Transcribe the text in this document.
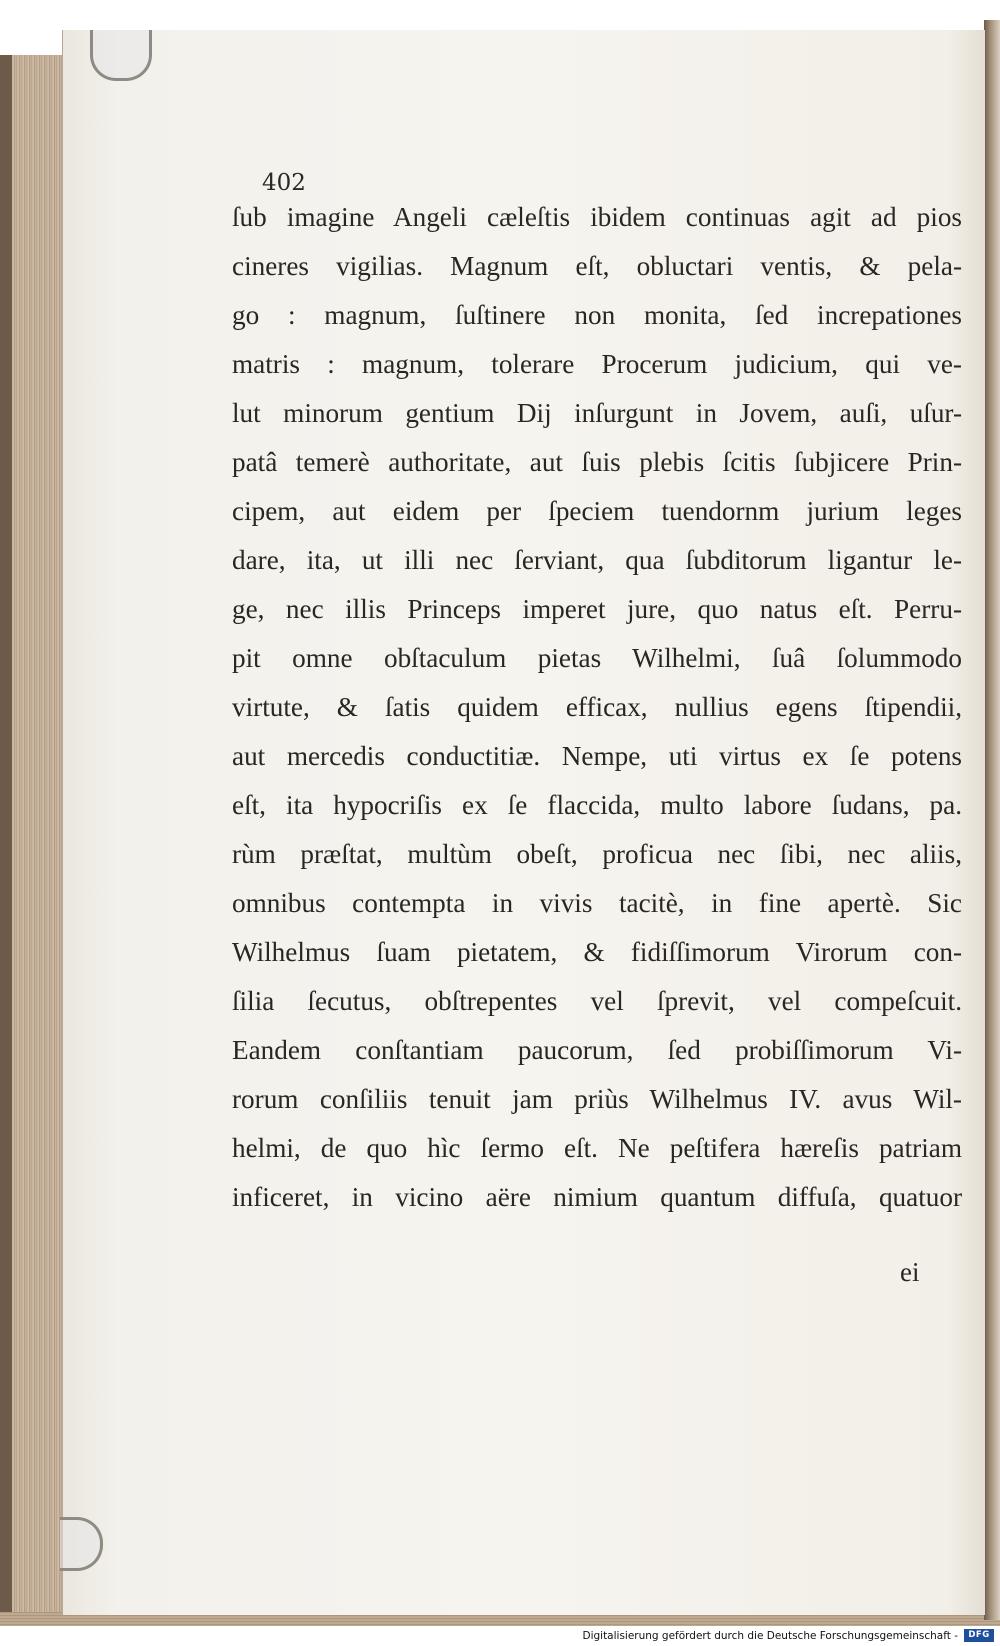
402
ſub imagine Angeli cæleſtis ibidem continuas agit ad pios
cineres vigilias. Magnum eſt, obluctari ventis, & pela-
go : magnum, ſuſtinere non monita, ſed increpationes
matris : magnum, tolerare Procerum judicium, qui ve-
lut minorum gentium Dij inſurgunt in Jovem, auſi, uſur-
patâ temerè authoritate, aut ſuis plebis ſcitis ſubjicere Prin-
cipem, aut eidem per ſpeciem tuendornm jurium leges
dare, ita, ut illi nec ſerviant, qua ſubditorum ligantur le-
ge, nec illis Princeps imperet jure, quo natus eſt. Perru-
pit omne obſtaculum pietas Wilhelmi, ſuâ ſolummodo
virtute, & ſatis quidem efficax, nullius egens ſtipendii,
aut mercedis conductitiæ. Nempe, uti virtus ex ſe potens
eſt, ita hypocriſis ex ſe flaccida, multo labore ſudans, pa.
rùm præſtat, multùm obeſt, proficua nec ſibi, nec aliis,
omnibus contempta in vivis tacitè, in fine apertè. Sic
Wilhelmus ſuam pietatem, & fidiſſimorum Virorum con-
ſilia ſecutus, obſtrepentes vel ſprevit, vel compeſcuit.
Eandem conſtantiam paucorum, ſed probiſſimorum Vi-
rorum conſiliis tenuit jam priùs Wilhelmus IV. avus Wil-
helmi, de quo hìc ſermo eſt. Ne peſtifera hæreſis patriam
inficeret, in vicino aëre nimium quantum diffuſa, quatuor
ei
Digitalisierung gefördert durch die Deutsche Forschungsgemeinschaft -	DFG
